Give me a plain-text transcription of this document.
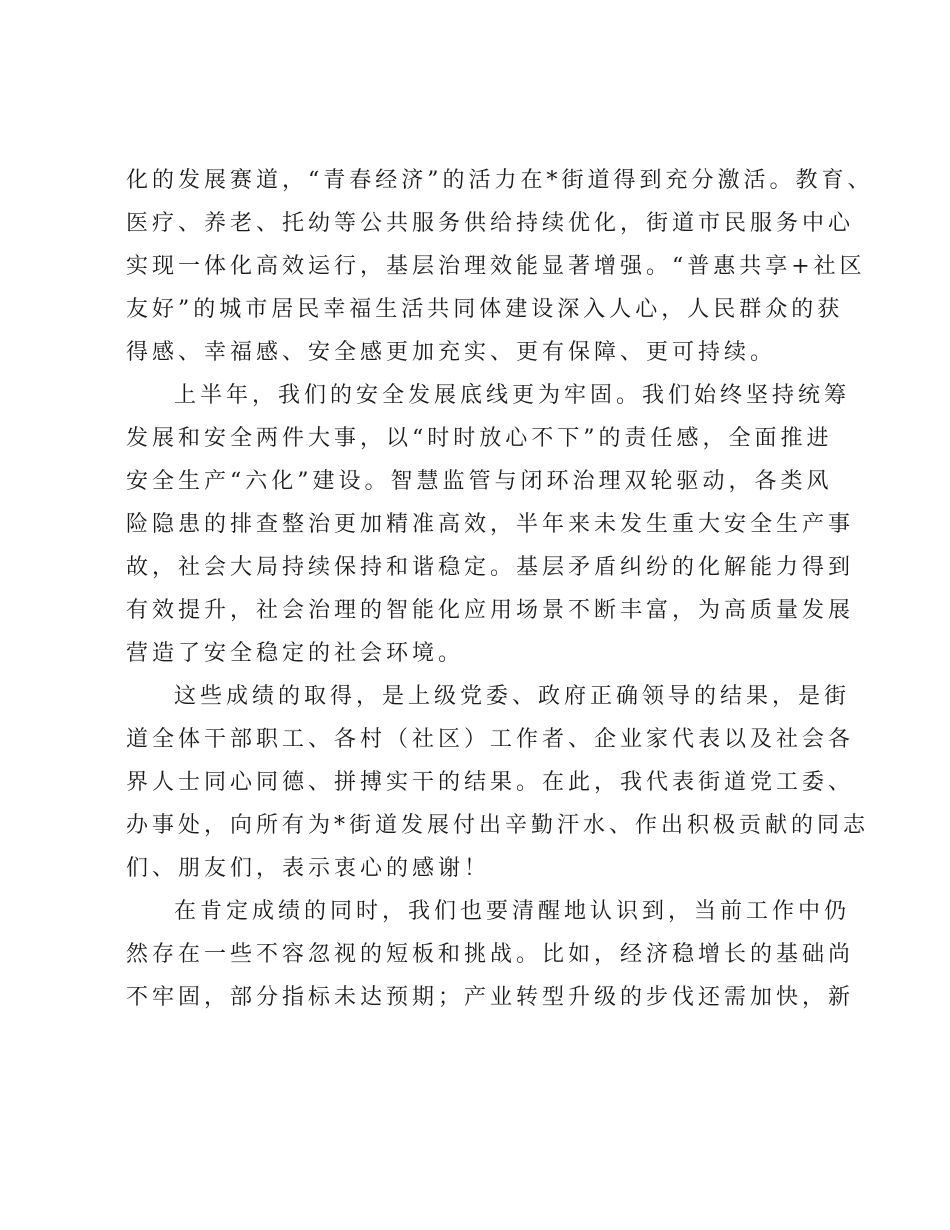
化的发展赛道，“青春经济”的活力在*街道得到充分激活。教育、
医疗、养老、托幼等公共服务供给持续优化，街道市民服务中心
实现一体化高效运行，基层治理效能显著增强。“普惠共享+社区
友好”的城市居民幸福生活共同体建设深入人心，人民群众的获
得感、幸福感、安全感更加充实、更有保障、更可持续。
上半年，我们的安全发展底线更为牢固。我们始终坚持统筹
发展和安全两件大事，以“时时放心不下”的责任感，全面推进
安全生产“六化”建设。智慧监管与闭环治理双轮驱动，各类风
险隐患的排查整治更加精准高效，半年来未发生重大安全生产事
故，社会大局持续保持和谐稳定。基层矛盾纠纷的化解能力得到
有效提升，社会治理的智能化应用场景不断丰富，为高质量发展
营造了安全稳定的社会环境。
这些成绩的取得，是上级党委、政府正确领导的结果，是街
道全体干部职工、各村（社区）工作者、企业家代表以及社会各
界人士同心同德、拼搏实干的结果。在此，我代表街道党工委、
办事处，向所有为*街道发展付出辛勤汗水、作出积极贡献的同志
们、朋友们，表示衷心的感谢！
在肯定成绩的同时，我们也要清醒地认识到，当前工作中仍
然存在一些不容忽视的短板和挑战。比如，经济稳增长的基础尚
不牢固，部分指标未达预期；产业转型升级的步伐还需加快，新
